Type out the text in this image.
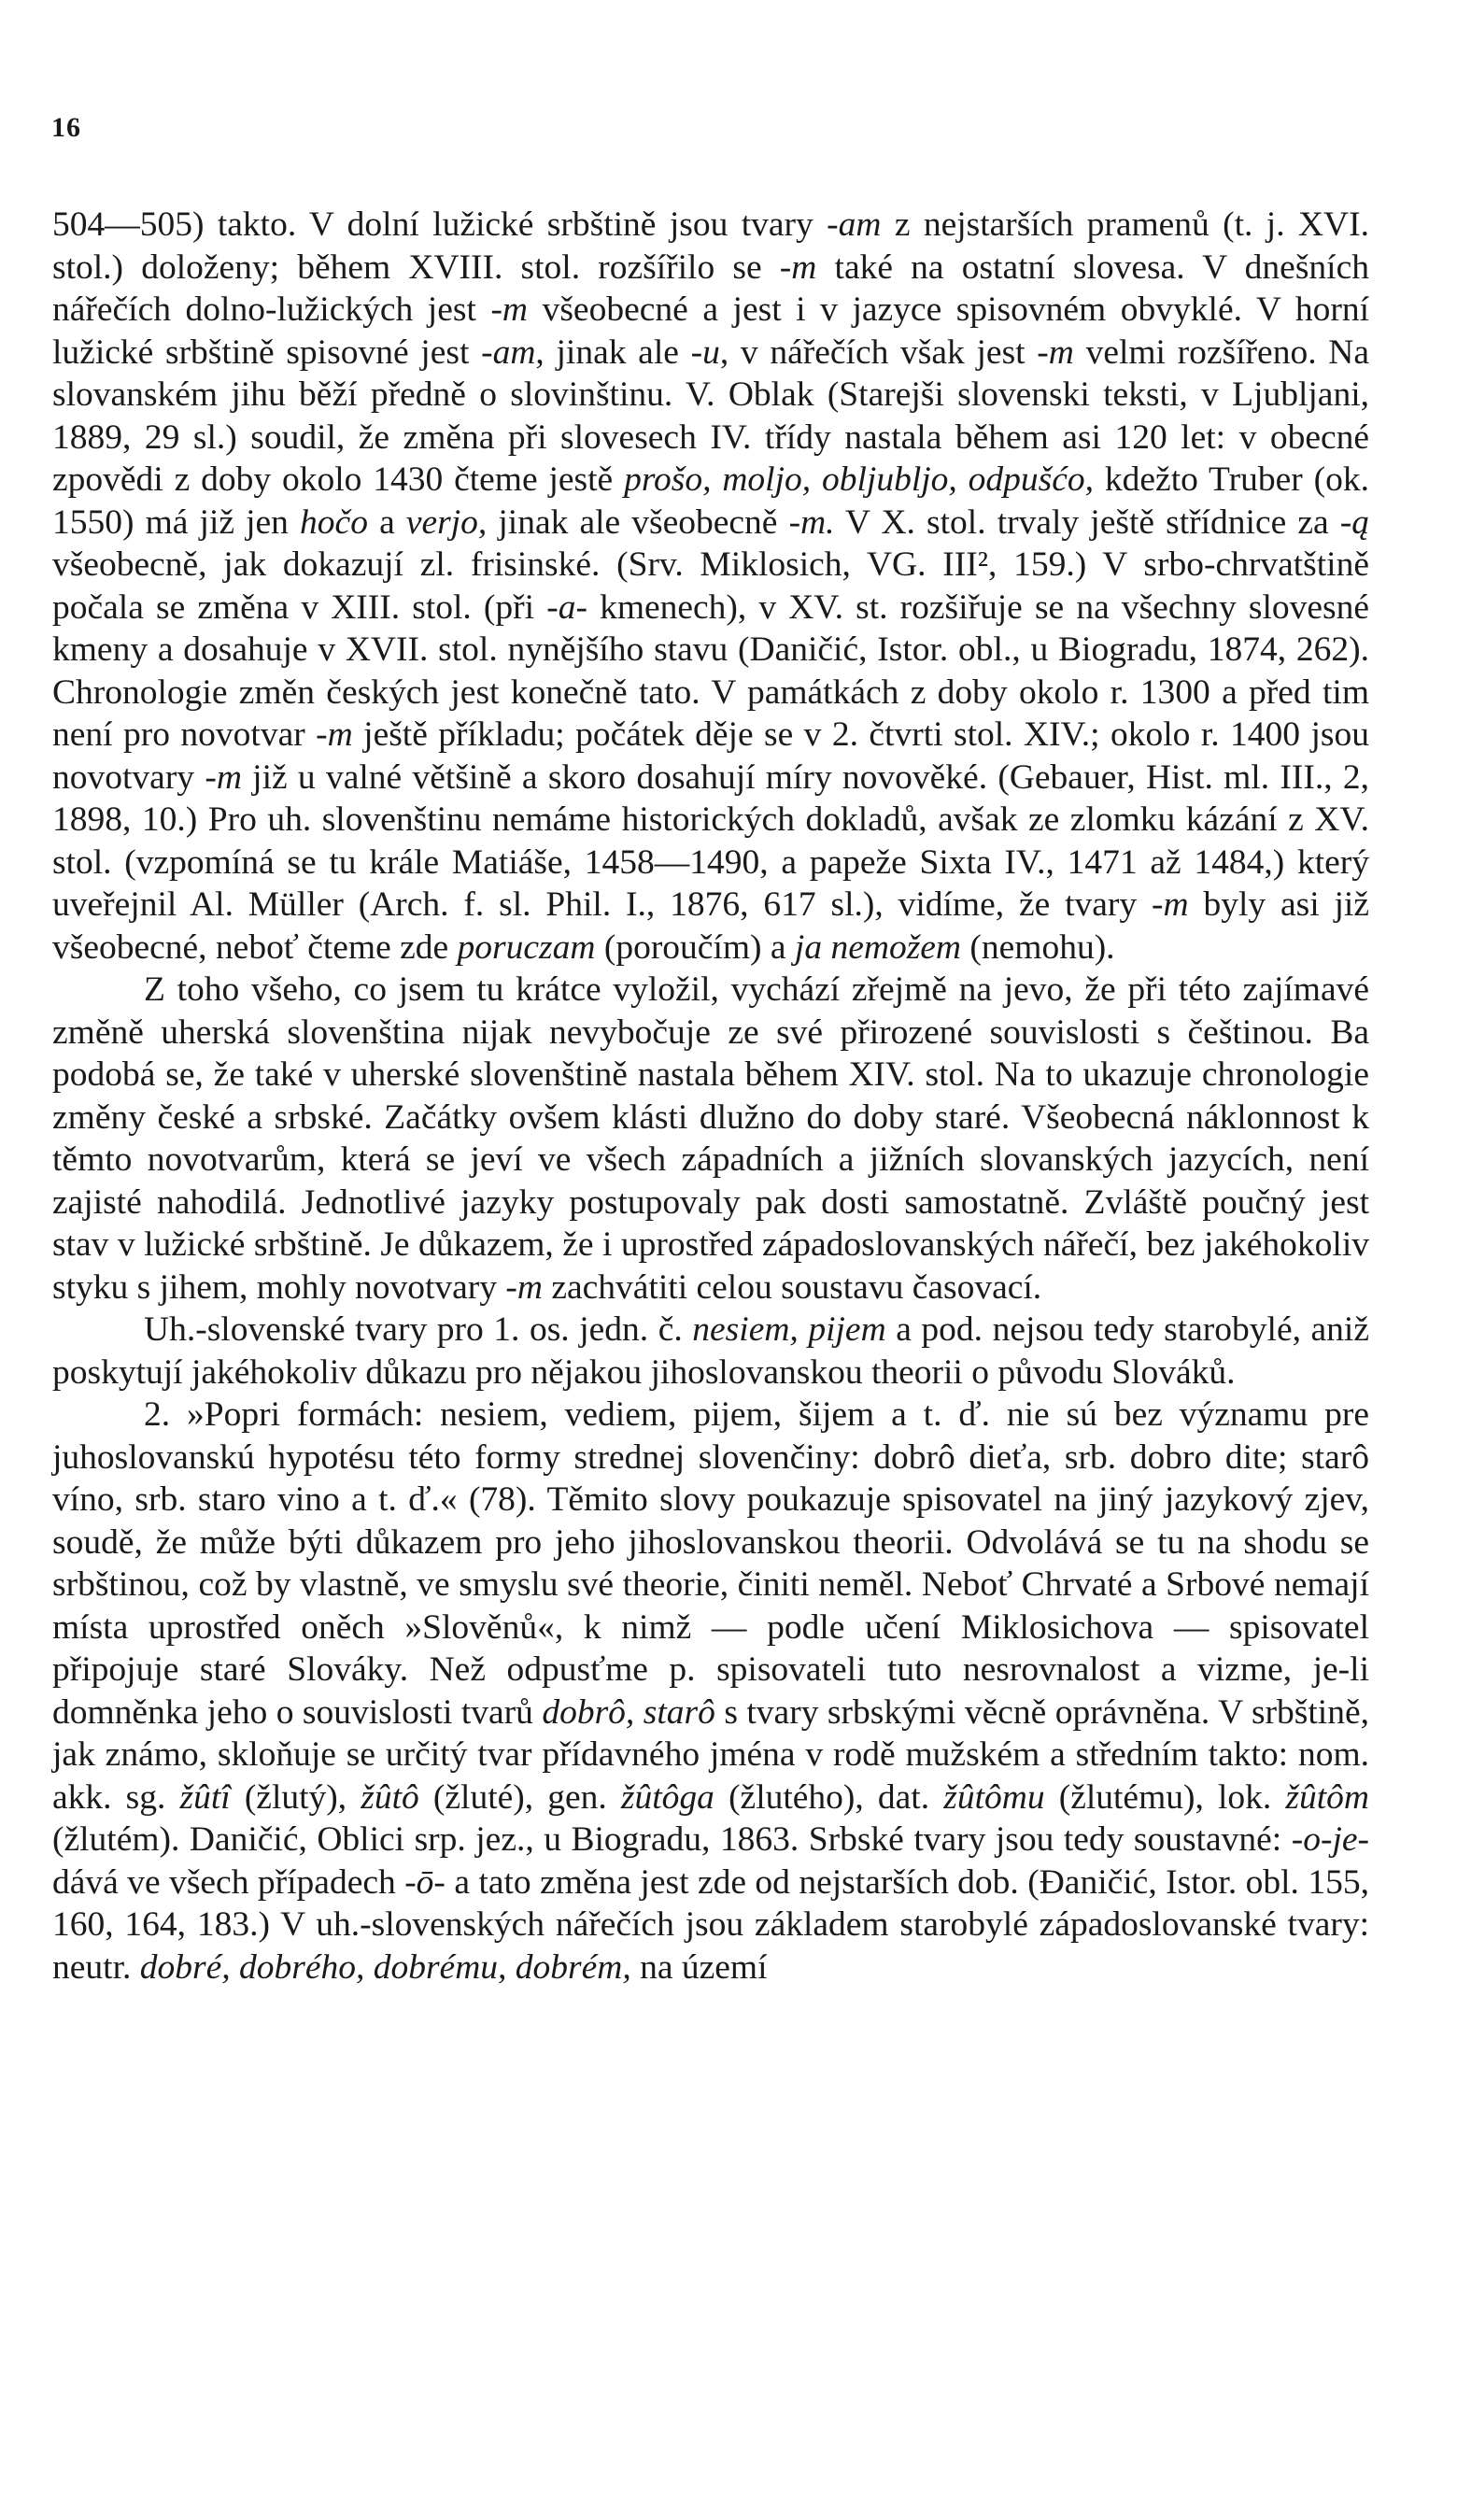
16

504—505) takto. V dolní lužické srbštině jsou tvary -am z nejstarších pramenů (t. j. XVI. stol.) doloženy; během XVIII. stol. rozšířilo se -m také na ostatní slovesa. V dnešních nářečích dolno-lužických jest -m všeobecné a jest i v jazyce spisovném obvyklé. V horní lužické srbštině spisovné jest -am, jinak ale -u, v nářečích však jest -m velmi rozšířeno. Na slovanském jihu běží předně o slovinštinu. V. Oblak (Starejši slovenski teksti, v Ljubljani, 1889, 29 sl.) soudil, že změna při slovesech IV. třídy nastala během asi 120 let: v obecné zpovědi z doby okolo 1430 čteme jestě prošo, moljo, obljubljo, odpušćo, kdežto Truber (ok. 1550) má již jen hočo a verjo, jinak ale všeobecně -m. V X. stol. trvaly ještě střídnice za -ą všeobecně, jak dokazují zl. frisinské. (Srv. Miklosich, VG. III², 159.) V srbo-chrvatštině počala se změna v XIII. stol. (při -a- kmenech), v XV. st. rozšiřuje se na všechny slovesné kmeny a dosahuje v XVII. stol. nynějšího stavu (Daničić, Istor. obl., u Biogradu, 1874, 262). Chronologie změn českých jest konečně tato. V památkách z doby okolo r. 1300 a před tim není pro novotvar -m ještě příkladu; počátek děje se v 2. čtvrti stol. XIV.; okolo r. 1400 jsou novotvary -m již u valné většině a skoro dosahují míry novověké. (Gebauer, Hist. ml. III., 2, 1898, 10.) Pro uh. slovenštinu nemáme historických dokladů, avšak ze zlomku kázání z XV. stol. (vzpomíná se tu krále Matiáše, 1458—1490, a papeže Sixta IV., 1471 až 1484,) který uveřejnil Al. Müller (Arch. f. sl. Phil. I., 1876, 617 sl.), vidíme, že tvary -m byly asi již všeobecné, neboť čteme zde poruczam (poroučím) a ja nemožem (nemohu).

Z toho všeho, co jsem tu krátce vyložil, vychází zřejmě na jevo, že při této zajímavé změně uherská slovenština nijak nevybočuje ze své přirozené souvislosti s češtinou. Ba podobá se, že také v uherské slovenštině nastala během XIV. stol. Na to ukazuje chronologie změny české a srbské. Začátky ovšem klásti dlužno do doby staré. Všeobecná náklonnost k těmto novotvarům, která se jeví ve všech západních a jižních slovanských jazycích, není zajisté nahodilá. Jednotlivé jazyky postupovaly pak dosti samostatně. Zvláště poučný jest stav v lužické srbštině. Je důkazem, že i uprostřed západoslovanských nářečí, bez jakéhokoliv styku s jihem, mohly novotvary -m zachvátiti celou soustavu časovací.

Uh.-slovenské tvary pro 1. os. jedn. č. nesiem, pijem a pod. nejsou tedy starobylé, aniž poskytují jakéhokoliv důkazu pro nějakou jihoslovanskou theorii o původu Slováků.

2. »Popri formách: nesiem, vediem, pijem, šijem a t. ď. nie sú bez významu pre juhoslovanskú hypotésu této formy strednej slovenčiny: dobrô dieťa, srb. dobro dite; starô víno, srb. staro vino a t. ď.« (78). Těmito slovy poukazuje spisovatel na jiný jazykový zjev, soudě, že může býti důkazem pro jeho jihoslovanskou theorii. Odvolává se tu na shodu se srbštinou, což by vlastně, ve smyslu své theorie, činiti neměl. Neboť Chrvaté a Srbové nemají místa uprostřed oněch »Slověnů«, k nimž — podle učení Miklosichova — spisovatel připojuje staré Slováky. Než odpusťme p. spisovateli tuto nesrovnalost a vizme, je-li domněnka jeho o souvislosti tvarů dobrô, starô s tvary srbskými věcně oprávněna. V srbštině, jak známo, skloňuje se určitý tvar přídavného jména v rodě mužském a středním takto: nom. akk. sg. žûtî (žlutý), žûtô (žluté), gen. žûtôga (žlutého), dat. žûtômu (žlutému), lok. žûtôm (žlutém). Daničić, Oblici srp. jez., u Biogradu, 1863. Srbské tvary jsou tedy soustavné: -o-je- dává ve všech případech -ō- a tato změna jest zde od nejstarších dob. (Đaničić, Istor. obl. 155, 160, 164, 183.) V uh.-slovenských nářečích jsou základem starobylé západoslovanské tvary: neutr. dobré, dobrého, dobrému, dobrém, na území
